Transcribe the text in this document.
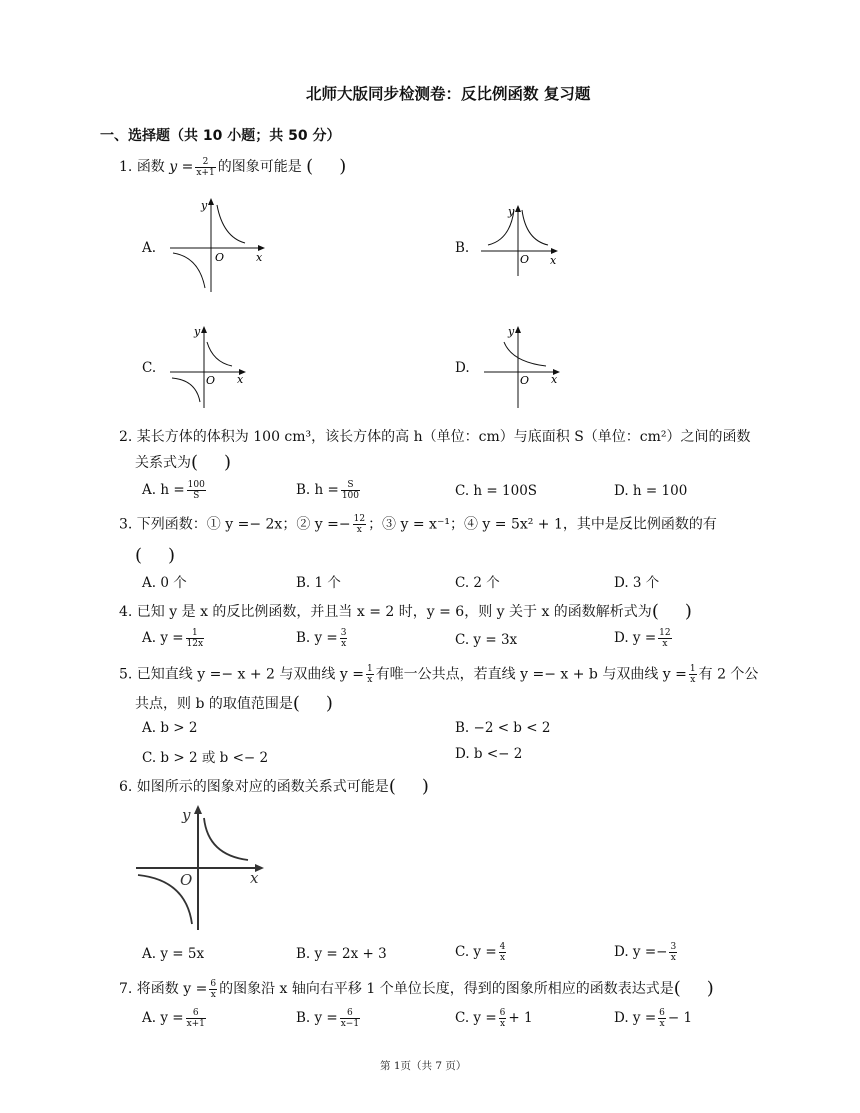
北师大版同步检测卷：反比例函数 复习题
一、选择题（共 10 小题；共 50 分）
1. 函数 $y = \frac{2}{x+1}$ 的图象可能是 ( )
A.	B.
C.	D.
y
O	x
y
O x
y
O x
y
O x
2. 某长方体的体积为 100 cm³，该长方体的高 h（单位：cm）与底面积 S（单位：cm²）之间的函数
关系式为( )
A. $h = \frac{100}{S}$	B. $h = \frac{S}{100}$	C. h = 100S	D. h = 100
3. 下列函数：① y =− 2x；② $y =- \frac{12}{x}$ ；③ y = x⁻¹；④ y = 5x² + 1，其中是反比例函数的有
( )
A. 0 个	B. 1 个	C. 2 个	D. 3 个
4. 已知 y 是 x 的反比例函数，并且当 x = 2 时，y = 6，则 y 关于 x 的函数解析式为( )
A. $y = \frac{1}{12x}$	B. $y = \frac{3}{x}$	C. y = 3x	D. $y = \frac{12}{x}$
5. 已知直线 y =− x + 2 与双曲线 $y = \frac{1}{x}$ 有唯一公共点，若直线 y =− x + b 与双曲线 $y = \frac{1}{x}$ 有 2 个公
共点，则 b 的取值范围是( )
A. b > 2	B. −2 < b < 2
C. b > 2 或 b <− 2	D. b <− 2
6. 如图所示的图象对应的函数关系式可能是( )
y
O	x
A. y = 5x	B. y = 2x + 3	C. $y = \frac{4}{x}$	D. $y =- \frac{3}{x}$
7. 将函数 $y = \frac{6}{x}$ 的图象沿 x 轴向右平移 1 个单位长度，得到的图象所相应的函数表达式是( )
A. $y = \frac{6}{x+1}$	B. $y = \frac{6}{x-1}$	C. $y = \frac{6}{x} + 1$	D. $y = \frac{6}{x} - 1$
第 1页（共 7 页）
